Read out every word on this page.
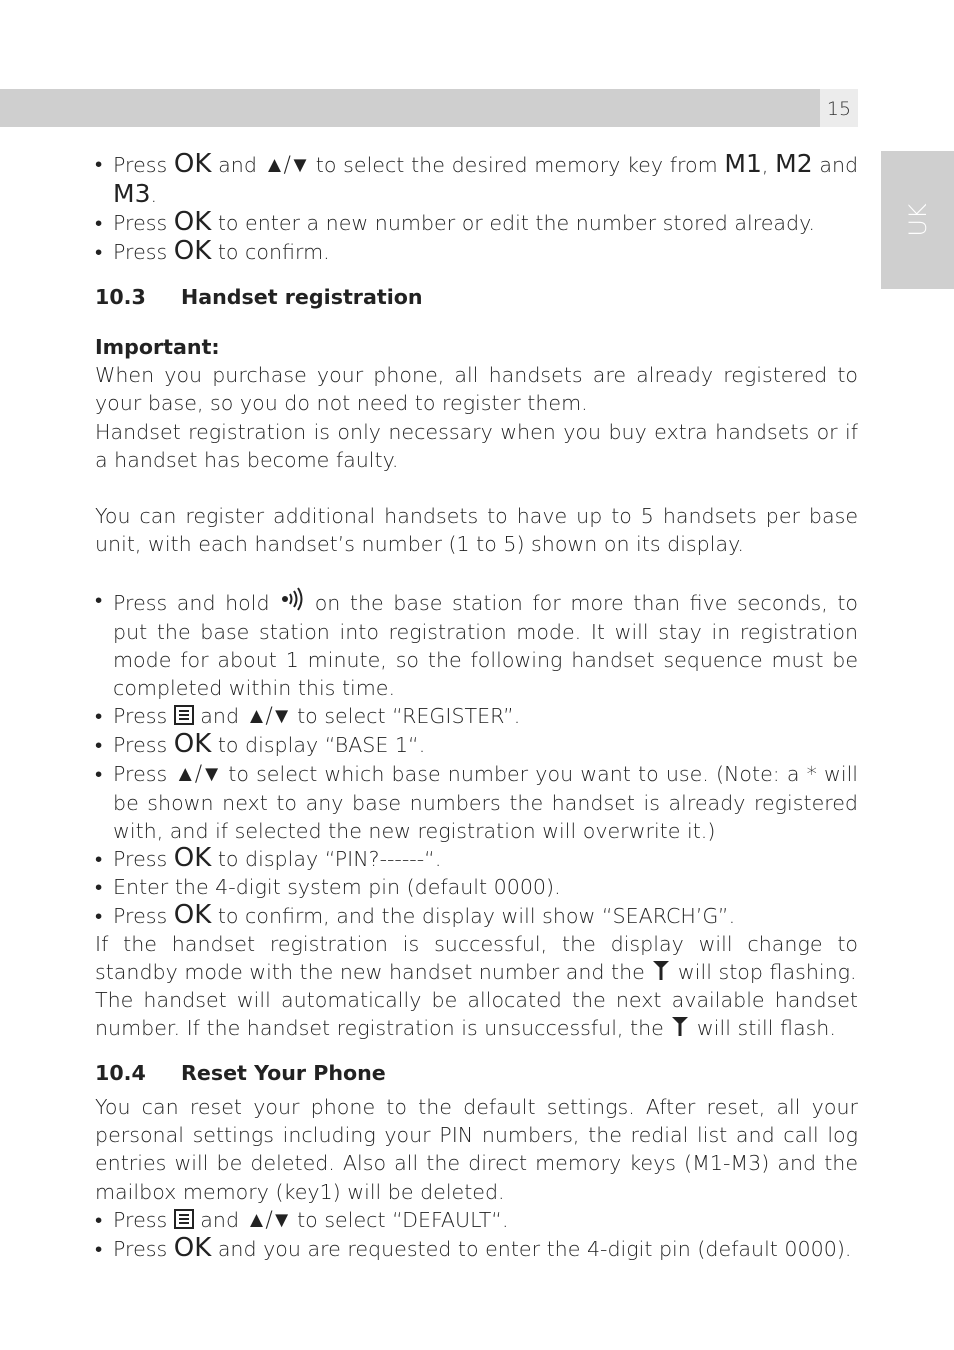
15
UK

• Press OK and ▲/▼ to select the desired memory key from M1, M2 and M3.

• Press OK to enter a new number or edit the number stored already.

• Press OK to confirm.

10.3	Handset registration

Important:

When you purchase your phone, all handsets are already registered to your base, so you do not need to register them.

Handset registration is only necessary when you buy extra handsets or if a handset has become faulty.

You can register additional handsets to have up to 5 handsets per base unit, with each handset’s number (1 to 5) shown on its display.

• Press and hold on the base station for more than five seconds, to put the base station into registration mode. It will stay in registration mode for about 1 minute, so the following handset sequence must be completed within this time.

• Press and ▲/▼ to select “REGISTER”.

• Press OK to display “BASE 1“.

• Press ▲/▼ to select which base number you want to use. (Note: a * will be shown next to any base numbers the handset is already registered with, and if selected the new registration will overwrite it.)

• Press OK to display “PIN?------“.

• Enter the 4-digit system pin (default 0000).

• Press OK to confirm, and the display will show “SEARCH’G”.

If the handset registration is successful, the display will change to standby mode with the new handset number and the will stop flashing.

The handset will automatically be allocated the next available handset number. If the handset registration is unsuccessful, the will still flash.

10.4	Reset Your Phone

You can reset your phone to the default settings. After reset, all your personal settings including your PIN numbers, the redial list and call log entries will be deleted. Also all the direct memory keys (M1-M3) and the mailbox memory (key1) will be deleted.

• Press and ▲/▼ to select “DEFAULT“.

• Press OK and you are requested to enter the 4-digit pin (default 0000).
